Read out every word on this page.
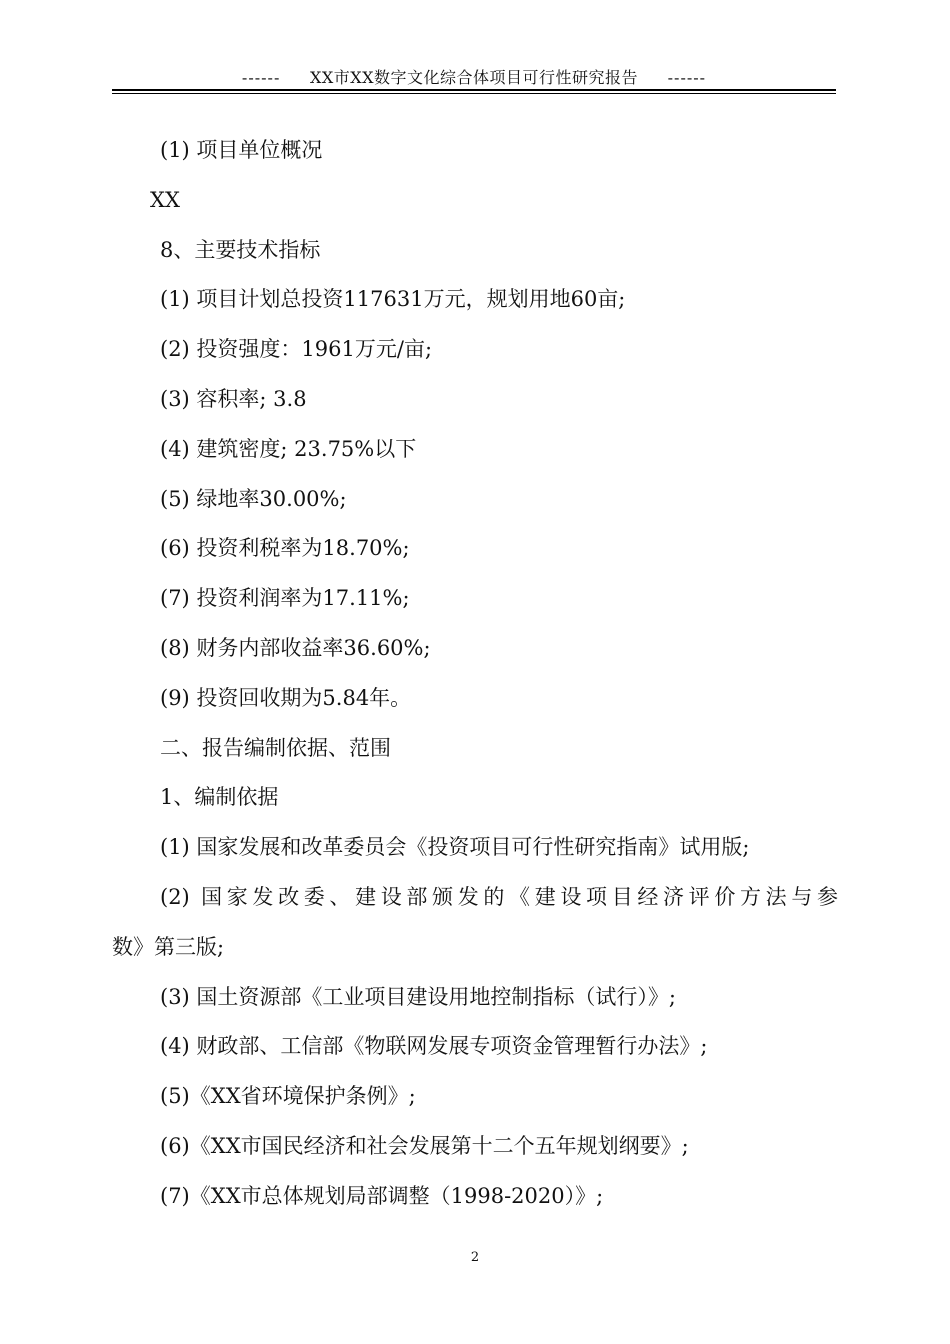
------ XX市XX数字文化综合体项目可行性研究报告 ------
(1) 项目单位概况
XX
8、主要技术指标
(1) 项目计划总投资117631万元，规划用地60亩;
(2) 投资强度：1961万元/亩;
(3) 容积率; 3.8
(4) 建筑密度; 23.75%以下
(5) 绿地率30.00%;
(6) 投资利税率为18.70%;
(7) 投资利润率为17.11%;
(8) 财务内部收益率36.60%;
(9) 投资回收期为5.84年。
二、报告编制依据、范围
1、编制依据
(1) 国家发展和改革委员会《投资项目可行性研究指南》试用版;
(2) 国家发改委、建设部颁发的《建设项目经济评价方法与参
数》第三版;
(3) 国土资源部《工业项目建设用地控制指标（试行）》;
(4) 财政部、工信部《物联网发展专项资金管理暂行办法》;
(5)《XX省环境保护条例》;
(6)《XX市国民经济和社会发展第十二个五年规划纲要》;
(7)《XX市总体规划局部调整（1998-2020）》;
2
